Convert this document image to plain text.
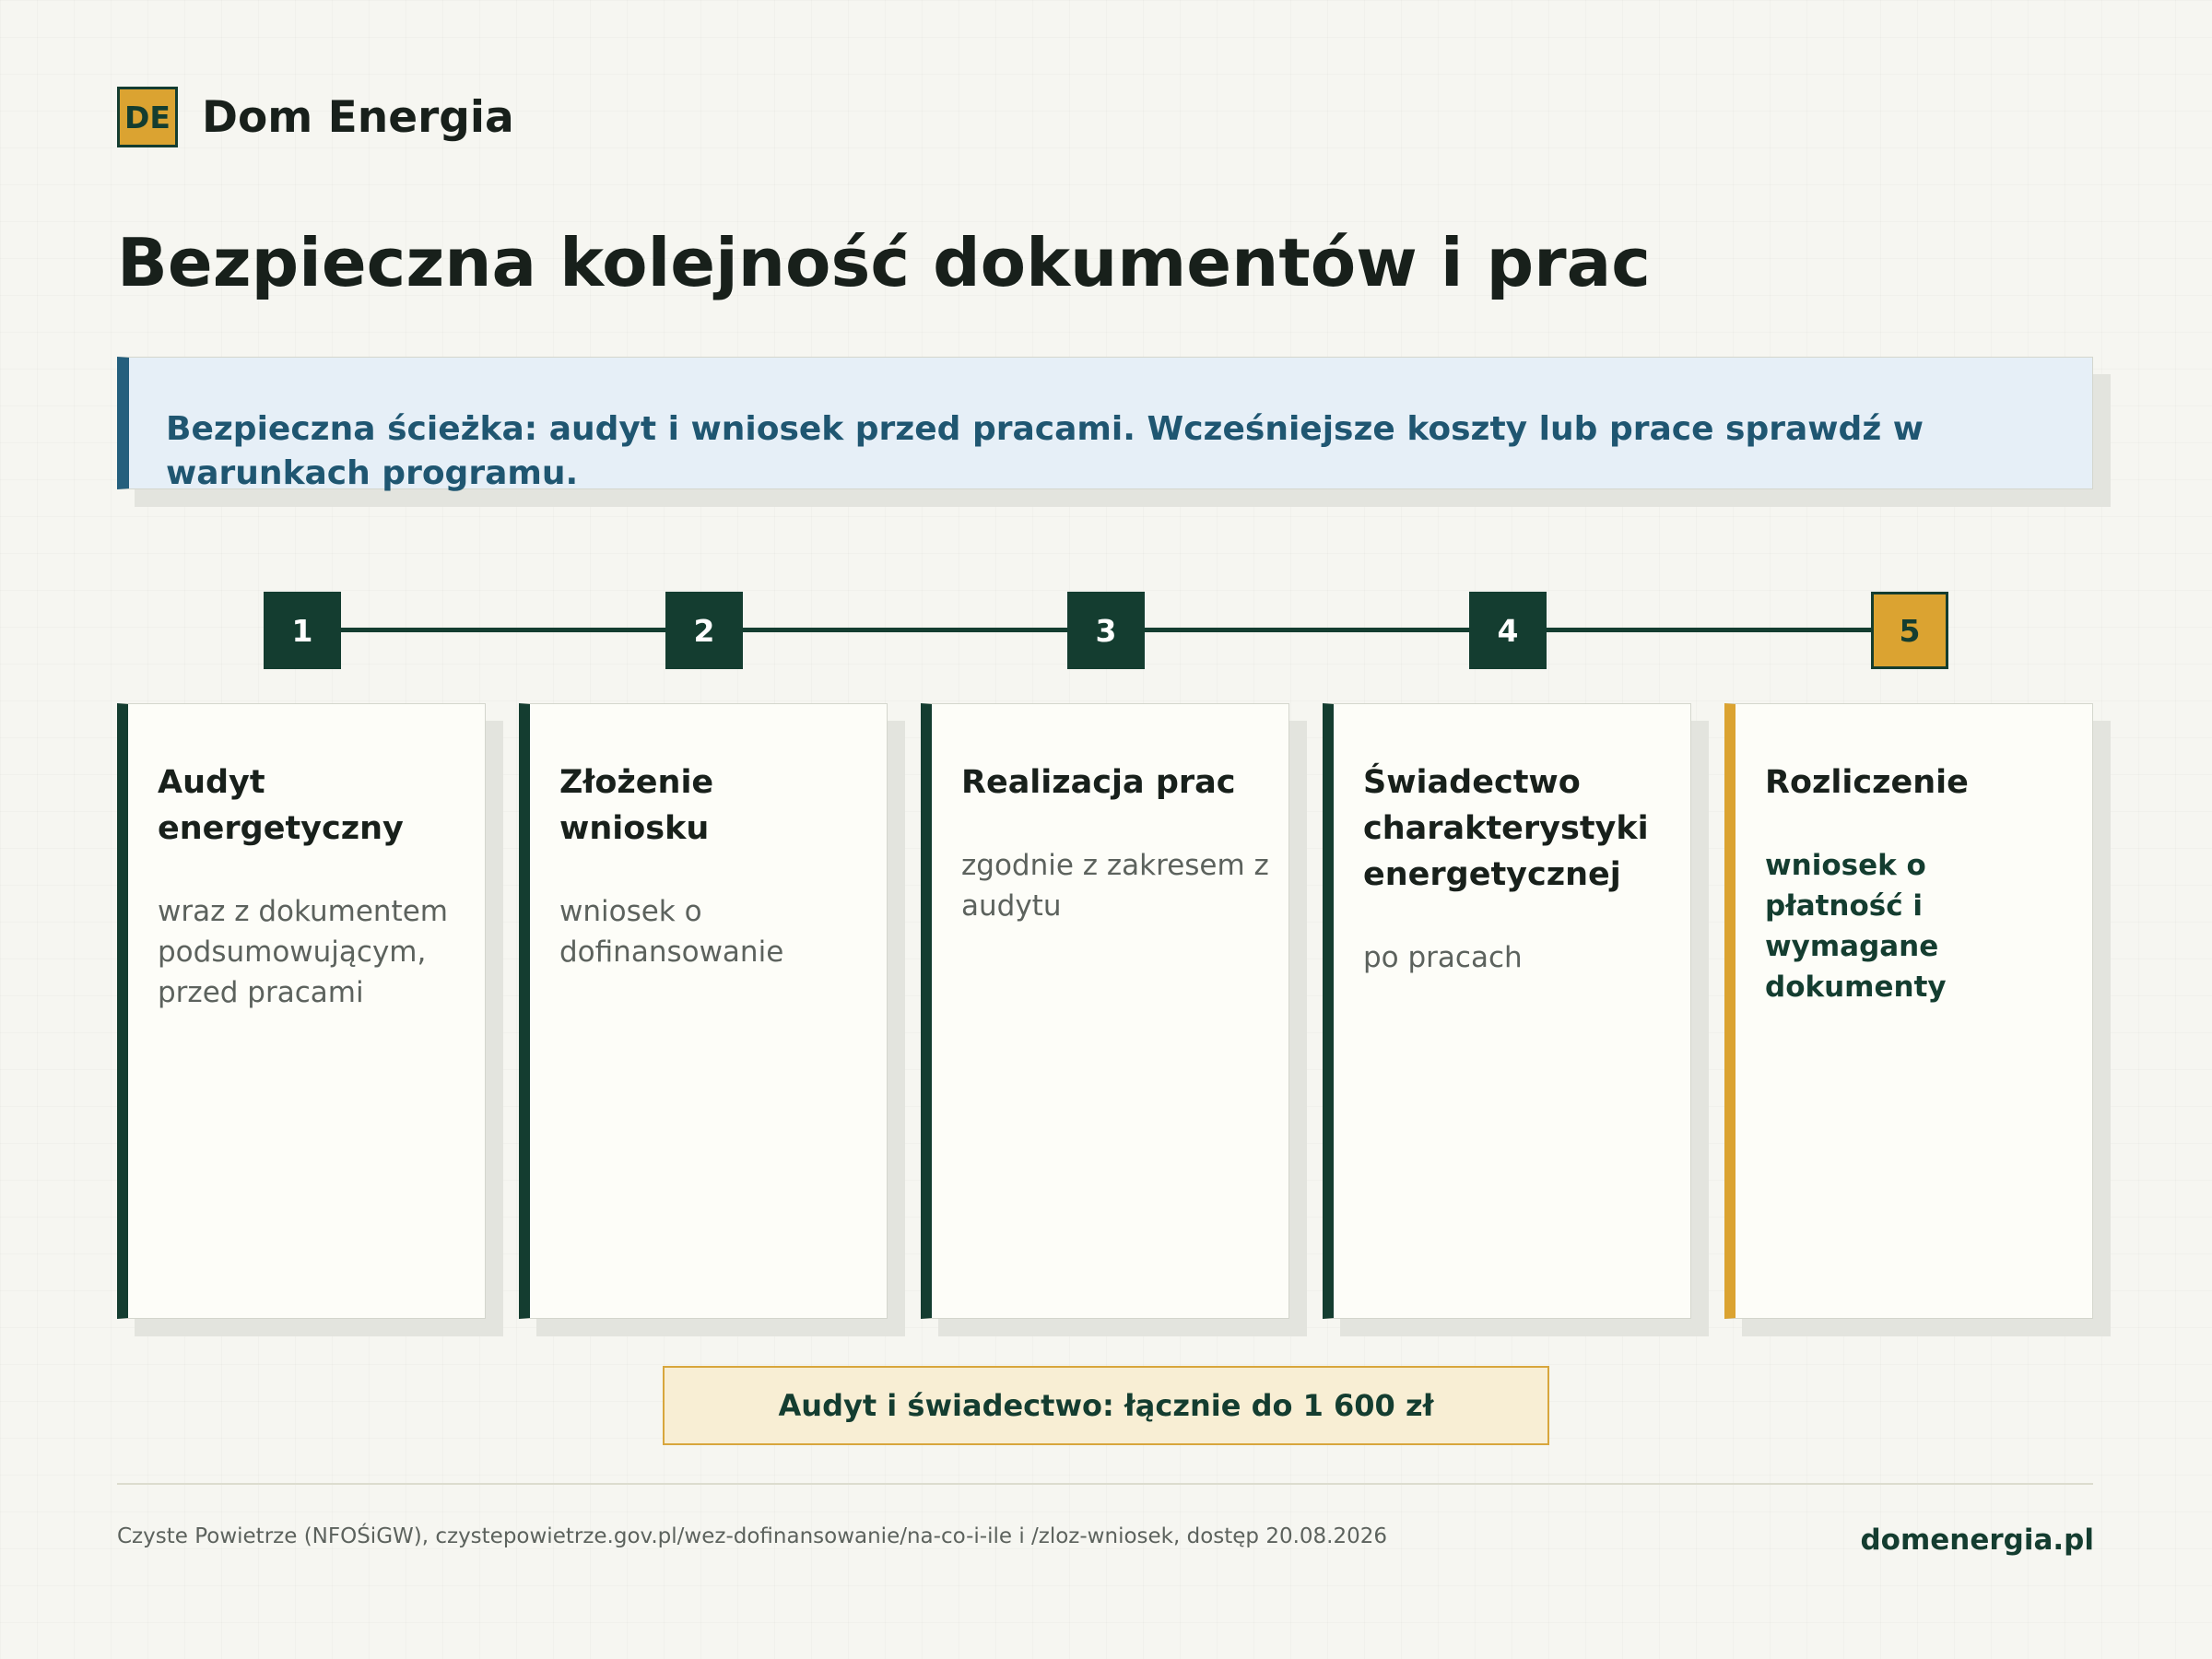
DE Dom Energia
Bezpieczna kolejność dokumentów i prac
Bezpieczna ścieżka: audyt i wniosek przed pracami. Wcześniejsze koszty lub prace sprawdź w warunkach programu.
1	2	3	4	5
Audyt energetyczny
wraz z dokumentem podsumowującym, przed pracami
Złożenie wniosku
wniosek o dofinansowanie
Realizacja prac
zgodnie z zakresem z audytu
Świadectwo charakterystyki energetycznej
po pracach
Rozliczenie
wniosek o płatność i wymagane dokumenty
Audyt i świadectwo: łącznie do 1 600 zł
Czyste Powietrze (NFOŚiGW), czystepowietrze.gov.pl/wez-dofinansowanie/na-co-i-ile i /zloz-wniosek, dostęp 20.08.2026	domenergia.pl
